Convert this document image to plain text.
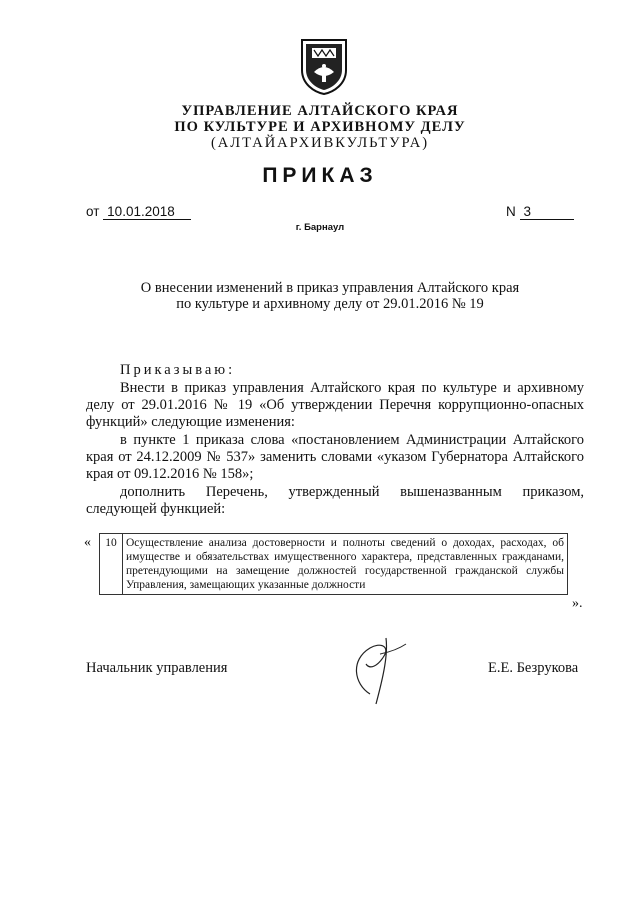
УПРАВЛЕНИЕ АЛТАЙСКОГО КРАЯ
ПО КУЛЬТУРЕ И АРХИВНОМУ ДЕЛУ
(АЛТАЙАРХИВКУЛЬТУРА)
ПРИКАЗ
от 10.01.2018	N 3
г. Барнаул
О внесении изменений в приказ управления Алтайского края
по культуре и архивному делу от 29.01.2016 № 19
Приказываю:
Внести в приказ управления Алтайского края по культуре и архивному делу от 29.01.2016 № 19 «Об утверждении Перечня коррупционно-опасных функций» следующие изменения:
в пункте 1 приказа слова «постановлением Администрации Алтайского края от 24.12.2009 № 537» заменить словами «указом Губернатора Алтайского края от 09.12.2016 № 158»;
дополнить Перечень, утвержденный вышеназванным приказом, следующей функцией:
« 10	Осуществление анализа достоверности и полноты сведений о доходах, расходах, об имуществе и обязательствах имущественного характера, представленных гражданами, претендующими на замещение должностей государственной гражданской службы Управления, замещающих указанные должности
».
Начальник управления	Е.Е. Безрукова
